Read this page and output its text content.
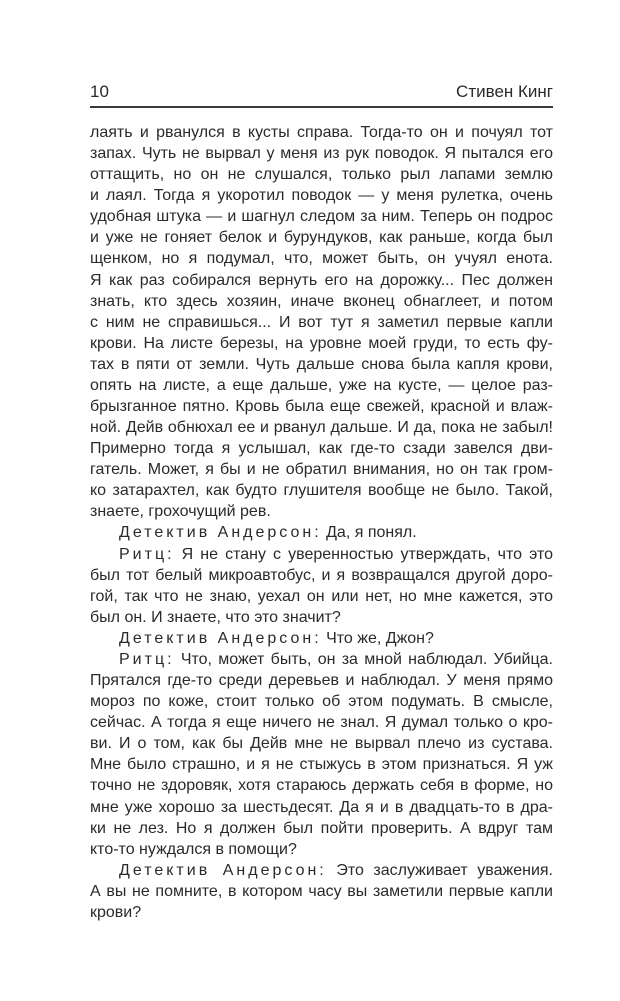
10	Стивен Кинг
лаять и рванулся в кусты справа. Тогда-то он и почуял тот
запах. Чуть не вырвал у меня из рук поводок. Я пытался его
оттащить, но он не слушался, только рыл лапами землю
и лаял. Тогда я укоротил поводок — у меня рулетка, очень
удобная штука — и шагнул следом за ним. Теперь он подрос
и уже не гоняет белок и бурундуков, как раньше, когда был
щенком, но я подумал, что, может быть, он учуял енота.
Я как раз собирался вернуть его на дорожку... Пес должен
знать, кто здесь хозяин, иначе вконец обнаглеет, и потом
с ним не справишься... И вот тут я заметил первые капли
крови. На листе березы, на уровне моей груди, то есть фу-
тах в пяти от земли. Чуть дальше снова была капля крови,
опять на листе, а еще дальше, уже на кусте, — целое раз-
брызганное пятно. Кровь была еще свежей, красной и влаж-
ной. Дейв обнюхал ее и рванул дальше. И да, пока не забыл!
Примерно тогда я услышал, как где-то сзади завелся дви-
гатель. Может, я бы и не обратил внимания, но он так гром-
ко затарахтел, как будто глушителя вообще не было. Такой,
знаете, грохочущий рев.
Детектив Андерсон: Да, я понял.
Ритц: Я не стану с уверенностью утверждать, что это
был тот белый микроавтобус, и я возвращался другой доро-
гой, так что не знаю, уехал он или нет, но мне кажется, это
был он. И знаете, что это значит?
Детектив Андерсон: Что же, Джон?
Ритц: Что, может быть, он за мной наблюдал. Убийца.
Прятался где-то среди деревьев и наблюдал. У меня прямо
мороз по коже, стоит только об этом подумать. В смысле,
сейчас. А тогда я еще ничего не знал. Я думал только о кро-
ви. И о том, как бы Дейв мне не вырвал плечо из сустава.
Мне было страшно, и я не стыжусь в этом признаться. Я уж
точно не здоровяк, хотя стараюсь держать себя в форме, но
мне уже хорошо за шестьдесят. Да я и в двадцать-то в дра-
ки не лез. Но я должен был пойти проверить. А вдруг там
кто-то нуждался в помощи?
Детектив Андерсон: Это заслуживает уважения.
А вы не помните, в котором часу вы заметили первые капли
крови?
